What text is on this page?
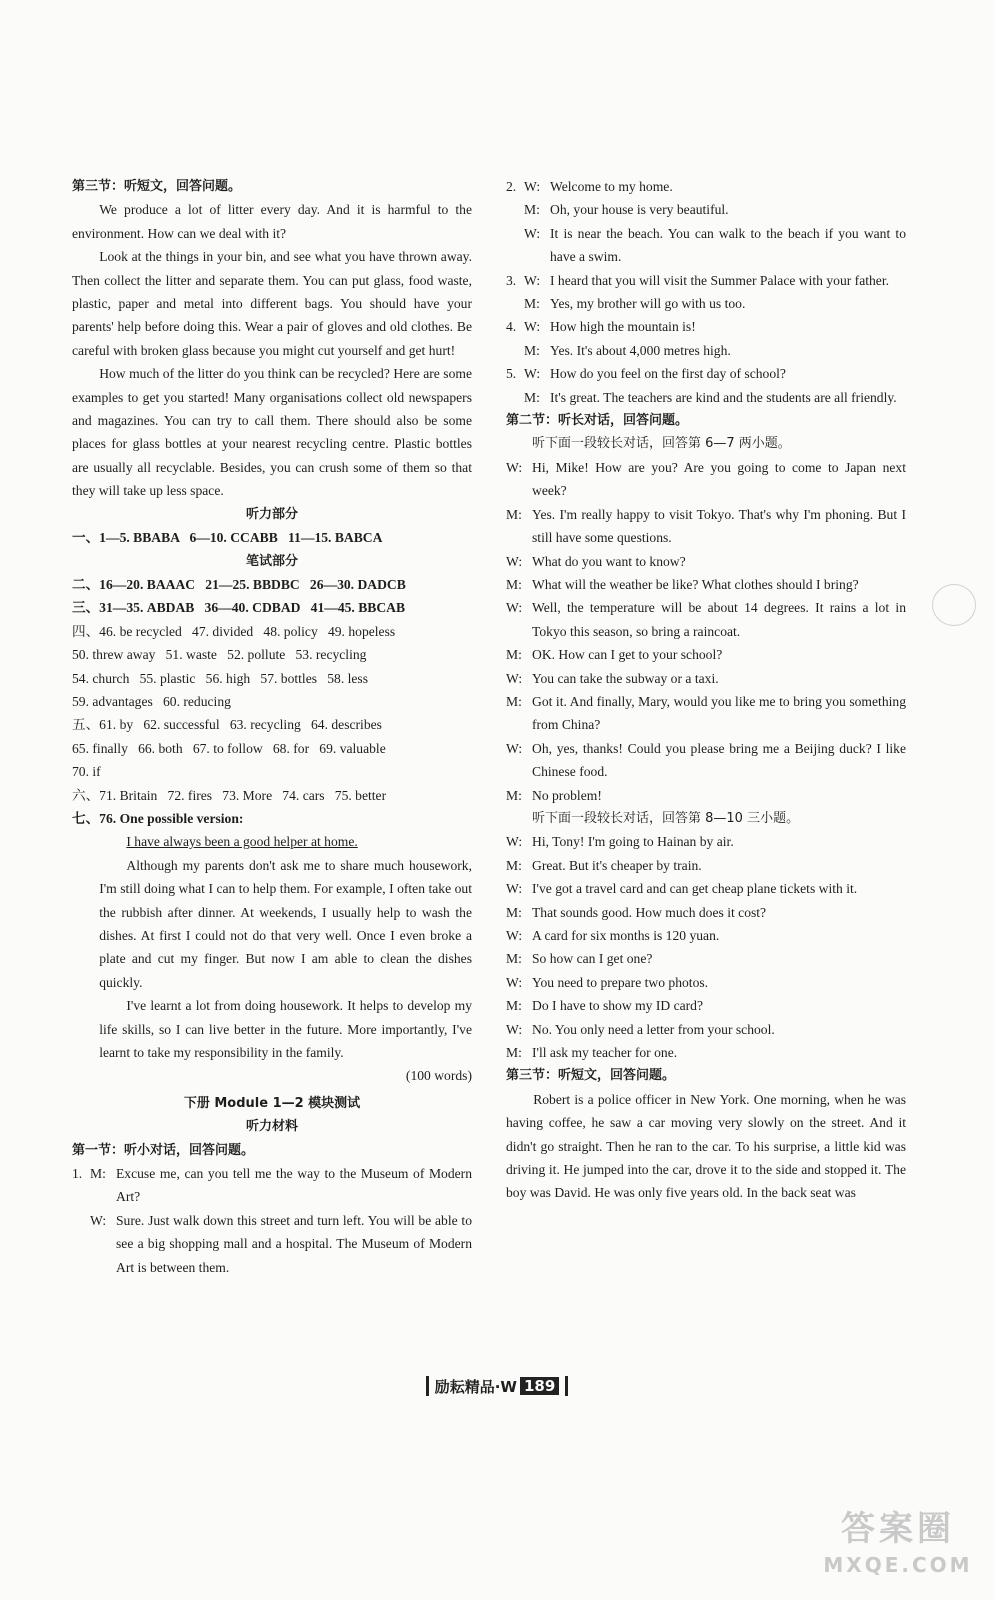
第三节：听短文，回答问题。

We produce a lot of litter every day. And it is harmful to the environment. How can we deal with it?

Look at the things in your bin, and see what you have thrown away. Then collect the litter and separate them. You can put glass, food waste, plastic, paper and metal into different bags. You should have your parents' help before doing this. Wear a pair of gloves and old clothes. Be careful with broken glass because you might cut yourself and get hurt!

How much of the litter do you think can be recycled? Here are some examples to get you started! Many organisations collect old newspapers and magazines. You can try to call them. There should also be some places for glass bottles at your nearest recycling centre. Plastic bottles are usually all recyclable. Besides, you can crush some of them so that they will take up less space.

听力部分

一、1—5. BBABA   6—10. CCABB   11—15. BABCA

笔试部分

二、16—20. BAAAC   21—25. BBDBC   26—30. DADCB

三、31—35. ABDAB   36—40. CDBAD   41—45. BBCAB

四、46. be recycled   47. divided   48. policy   49. hopeless

50. threw away   51. waste   52. pollute   53. recycling

54. church   55. plastic   56. high   57. bottles   58. less

59. advantages   60. reducing

五、61. by   62. successful   63. recycling   64. describes

65. finally   66. both   67. to follow   68. for   69. valuable

70. if

六、71. Britain   72. fires   73. More   74. cars   75. better

七、76. One possible version:

I have always been a good helper at home.

Although my parents don't ask me to share much housework, I'm still doing what I can to help them. For example, I often take out the rubbish after dinner. At weekends, I usually help to wash the dishes. At first I could not do that very well. Once I even broke a plate and cut my finger. But now I am able to clean the dishes quickly.

I've learnt a lot from doing housework. It helps to develop my life skills, so I can live better in the future. More importantly, I've learnt to take my responsibility in the family.

(100 words)

下册 Module 1—2 模块测试

听力材料

第一节：听小对话，回答问题。

1. M: Excuse me, can you tell me the way to the Museum of Modern Art?
W: Sure. Just walk down this street and turn left. You will be able to see a big shopping mall and a hospital. The Museum of Modern Art is between them.
2. W: Welcome to my home.
M: Oh, your house is very beautiful.
W: It is near the beach. You can walk to the beach if you want to have a swim.
3. W: I heard that you will visit the Summer Palace with your father.
M: Yes, my brother will go with us too.
4. W: How high the mountain is!
M: Yes. It's about 4,000 metres high.
5. W: How do you feel on the first day of school?
M: It's great. The teachers are kind and the students are all friendly.

第二节：听长对话，回答问题。

听下面一段较长对话，回答第 6—7 两小题。

W: Hi, Mike! How are you? Are you going to come to Japan next week?
M: Yes. I'm really happy to visit Tokyo. That's why I'm phoning. But I still have some questions.
W: What do you want to know?
M: What will the weather be like? What clothes should I bring?
W: Well, the temperature will be about 14 degrees. It rains a lot in Tokyo this season, so bring a raincoat.
M: OK. How can I get to your school?
W: You can take the subway or a taxi.
M: Got it. And finally, Mary, would you like me to bring you something from China?
W: Oh, yes, thanks! Could you please bring me a Beijing duck? I like Chinese food.
M: No problem!

听下面一段较长对话，回答第 8—10 三小题。

W: Hi, Tony! I'm going to Hainan by air.
M: Great. But it's cheaper by train.
W: I've got a travel card and can get cheap plane tickets with it.
M: That sounds good. How much does it cost?
W: A card for six months is 120 yuan.
M: So how can I get one?
W: You need to prepare two photos.
M: Do I have to show my ID card?
W: No. You only need a letter from your school.
M: I'll ask my teacher for one.

第三节：听短文，回答问题。

Robert is a police officer in New York. One morning, when he was having coffee, he saw a car moving very slowly on the street. And it didn't go straight. Then he ran to the car. To his surprise, a little kid was driving it. He jumped into the car, drove it to the side and stopped it. The boy was David. He was only five years old. In the back seat was

励耘精品·W 189
答案圈
MXQE.COM
